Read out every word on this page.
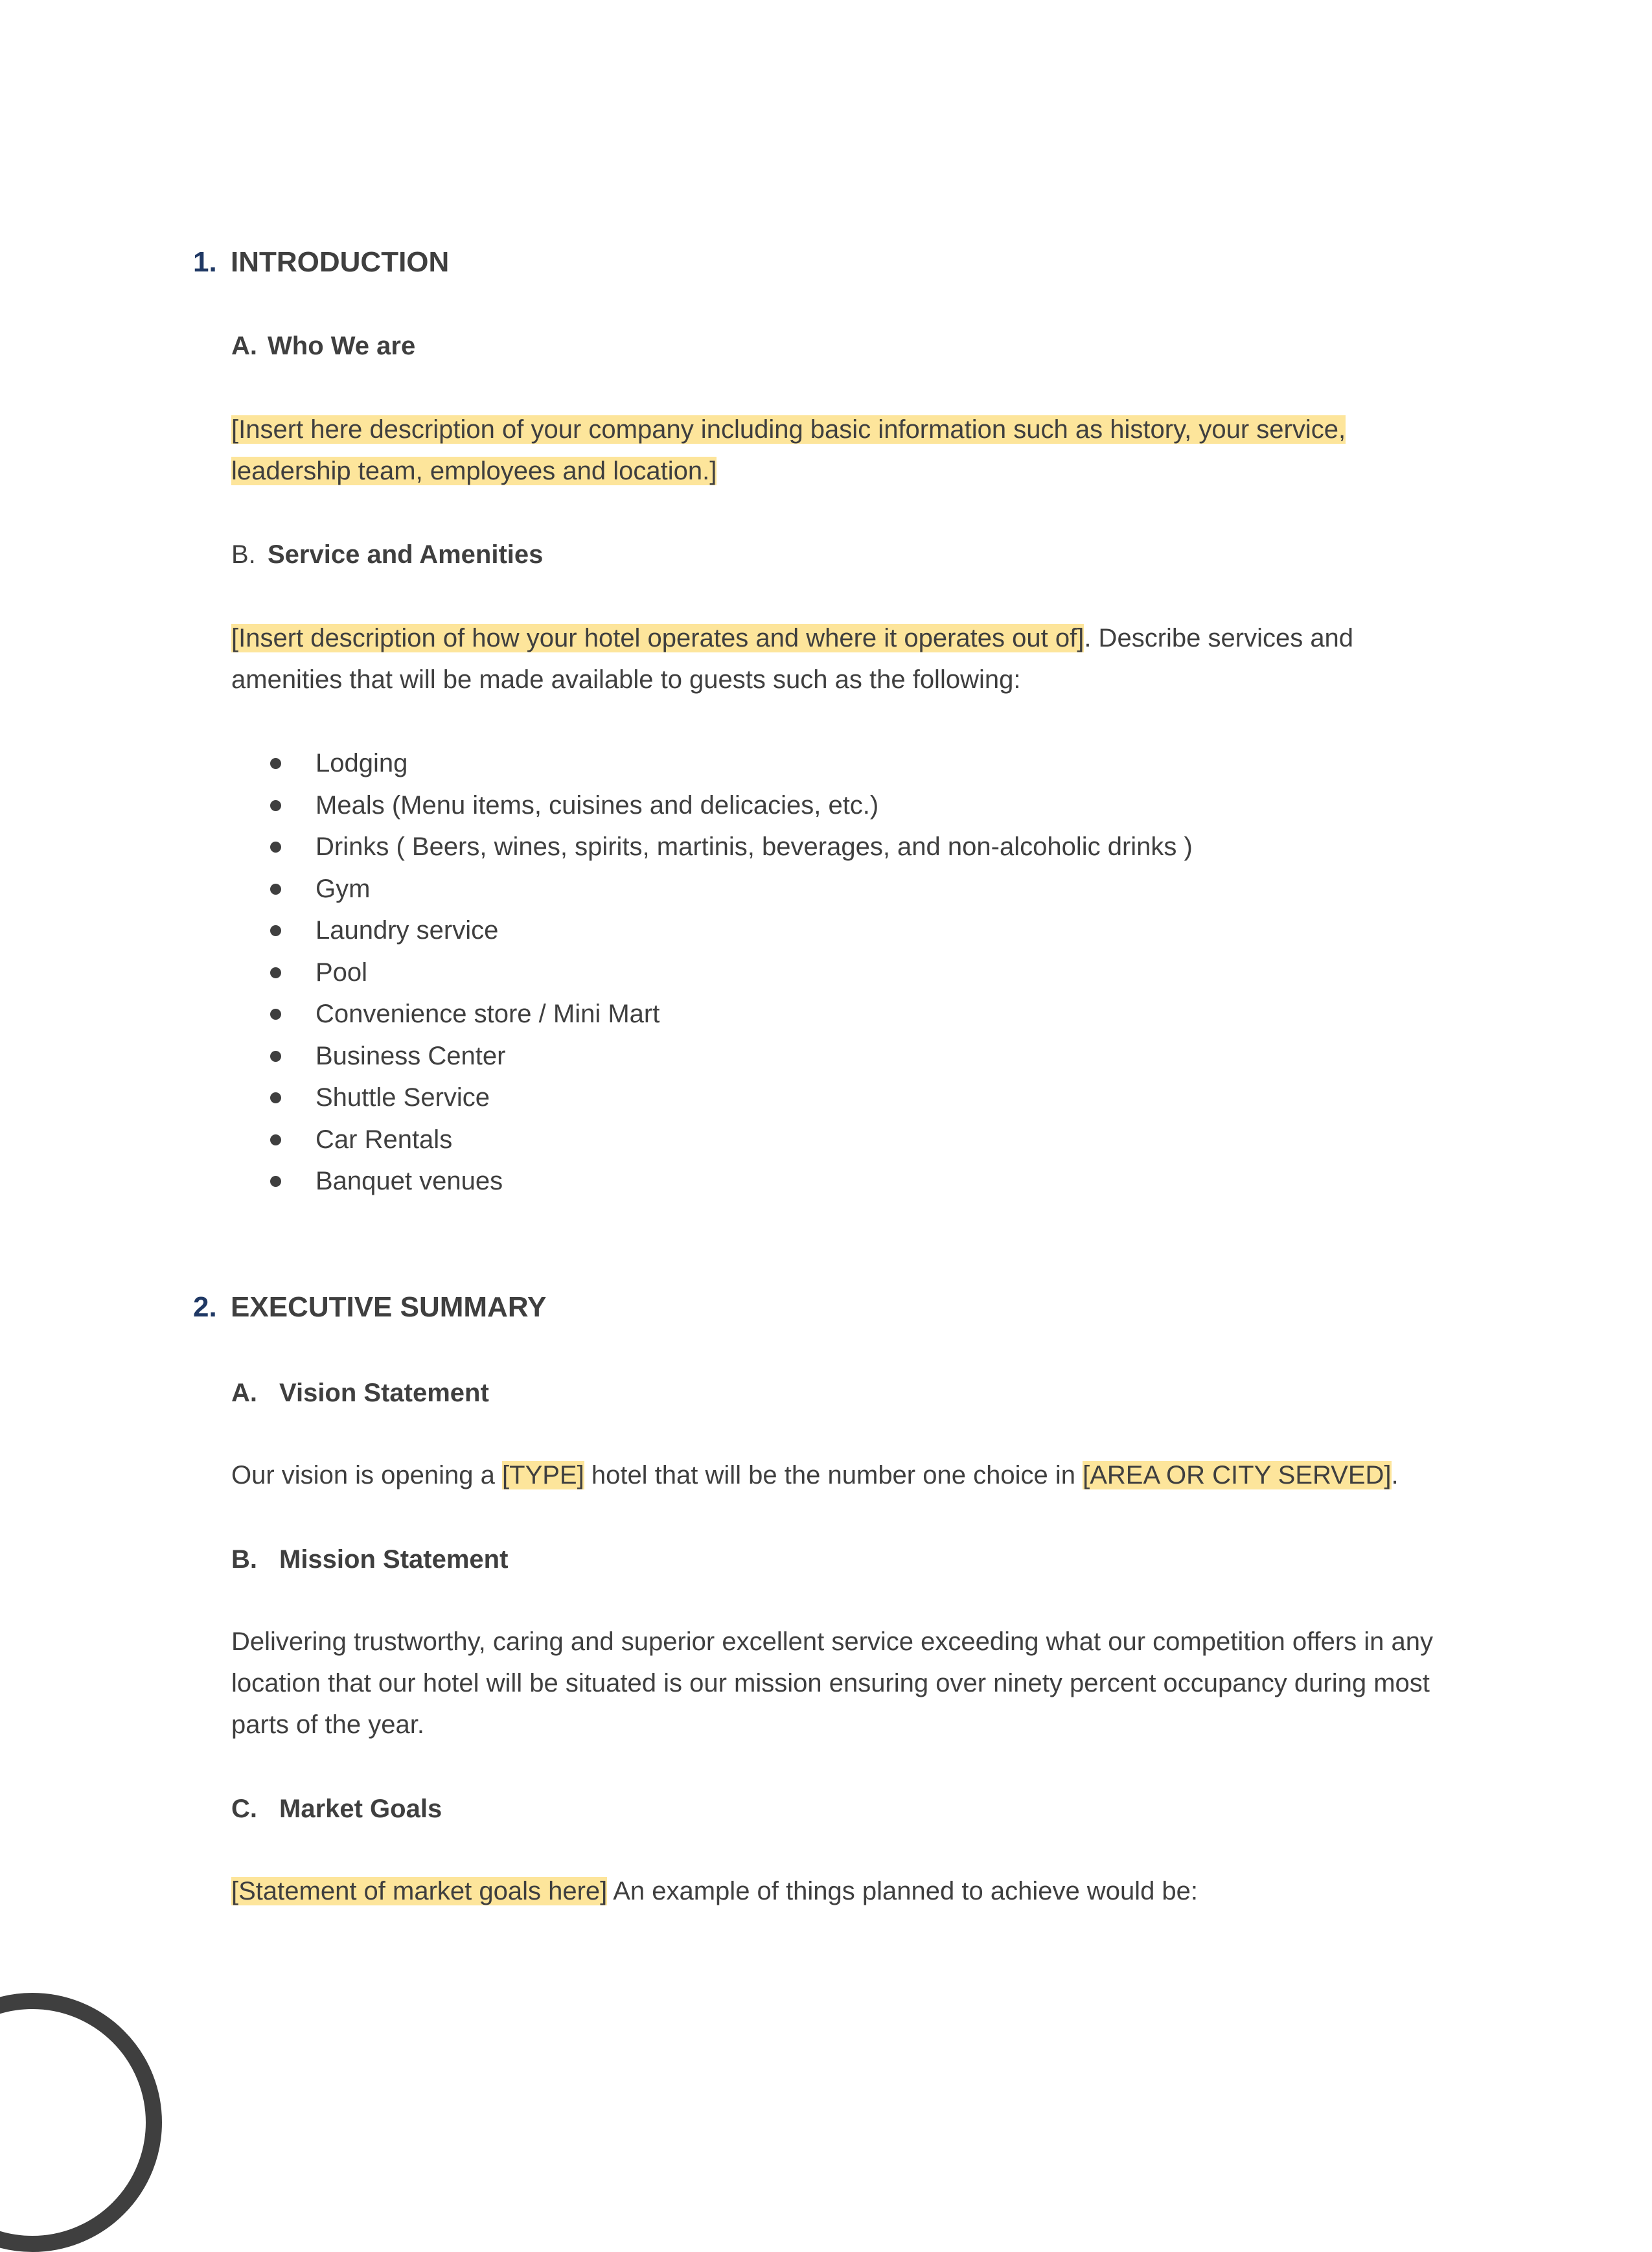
1. INTRODUCTION
A. Who We are
[Insert here description of your company including basic information such as history, your service, leadership team, employees and location.]
B. Service and Amenities
[Insert description of how your hotel operates and where it operates out of]. Describe services and amenities that will be made available to guests such as the following:
Lodging
Meals (Menu items, cuisines and delicacies, etc.)
Drinks ( Beers, wines, spirits, martinis, beverages, and non-alcoholic drinks )
Gym
Laundry service
Pool
Convenience store / Mini Mart
Business Center
Shuttle Service
Car Rentals
Banquet venues
2. EXECUTIVE SUMMARY
A. Vision Statement
Our vision is opening a [TYPE] hotel that will be the number one choice in [AREA OR CITY SERVED].
B. Mission Statement
Delivering trustworthy, caring and superior excellent service exceeding what our competition offers in any location that our hotel will be situated is our mission ensuring over ninety percent occupancy during most parts of the year.
C. Market Goals
[Statement of market goals here] An example of things planned to achieve would be:
